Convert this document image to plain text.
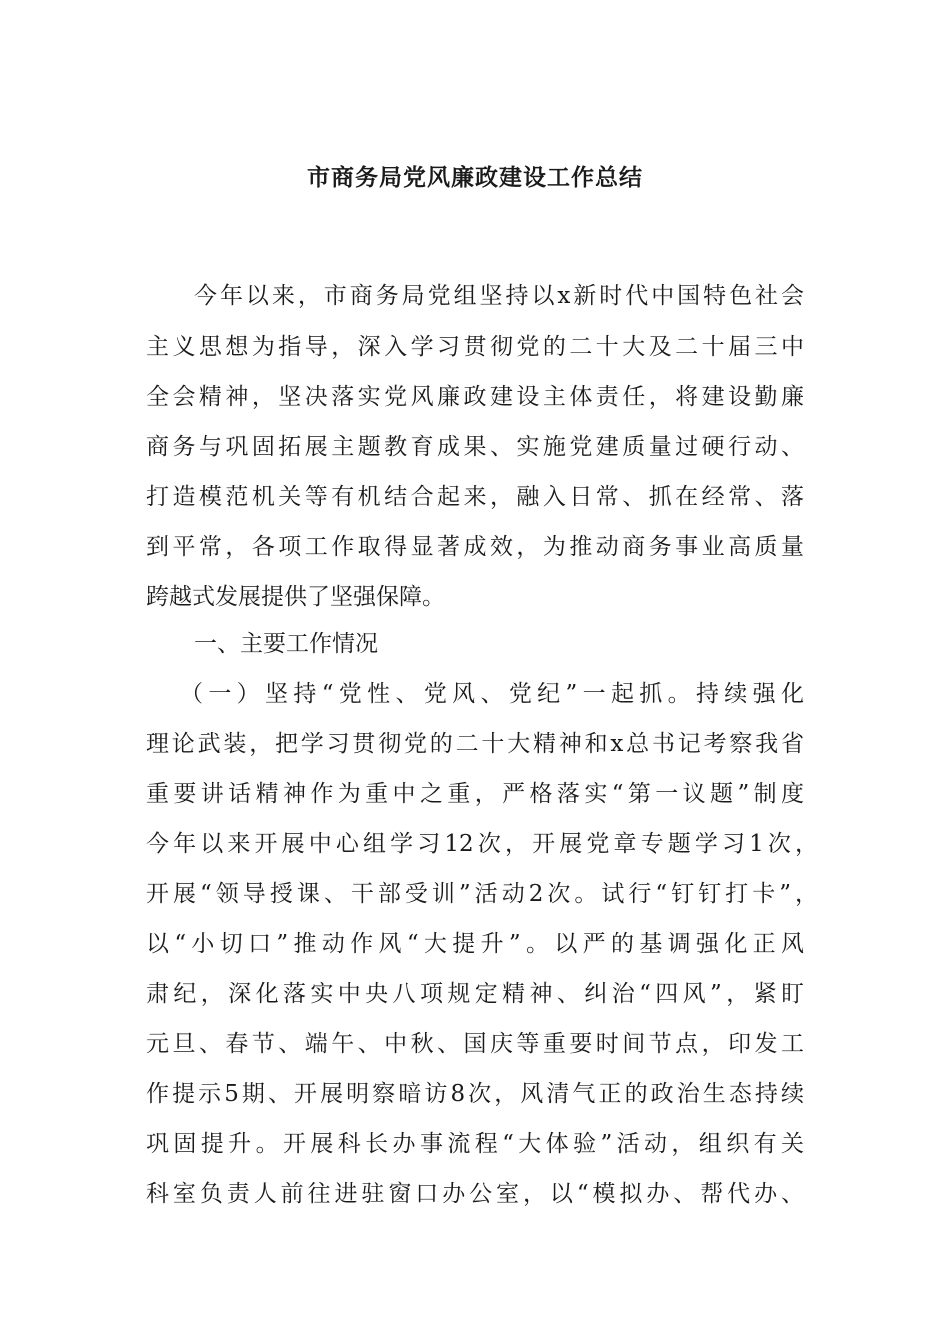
市商务局党风廉政建设工作总结
今年以来，市商务局党组坚持以x新时代中国特色社会
主义思想为指导，深入学习贯彻党的二十大及二十届三中
全会精神，坚决落实党风廉政建设主体责任，将建设勤廉
商务与巩固拓展主题教育成果、实施党建质量过硬行动、
打造模范机关等有机结合起来，融入日常、抓在经常、落
到平常，各项工作取得显著成效，为推动商务事业高质量
跨越式发展提供了坚强保障。
一、主要工作情况
（一）坚持“党性、党风、党纪”一起抓。持续强化
理论武装，把学习贯彻党的二十大精神和x总书记考察我省
重要讲话精神作为重中之重，严格落实“第一议题”制度
今年以来开展中心组学习12次，开展党章专题学习1次，
开展“领导授课、干部受训”活动2次。试行“钉钉打卡”，
以“小切口”推动作风“大提升”。以严的基调强化正风
肃纪，深化落实中央八项规定精神、纠治“四风”，紧盯
元旦、春节、端午、中秋、国庆等重要时间节点，印发工
作提示5期、开展明察暗访8次，风清气正的政治生态持续
巩固提升。开展科长办事流程“大体验”活动，组织有关
科室负责人前往进驻窗口办公室，以“模拟办、帮代办、
